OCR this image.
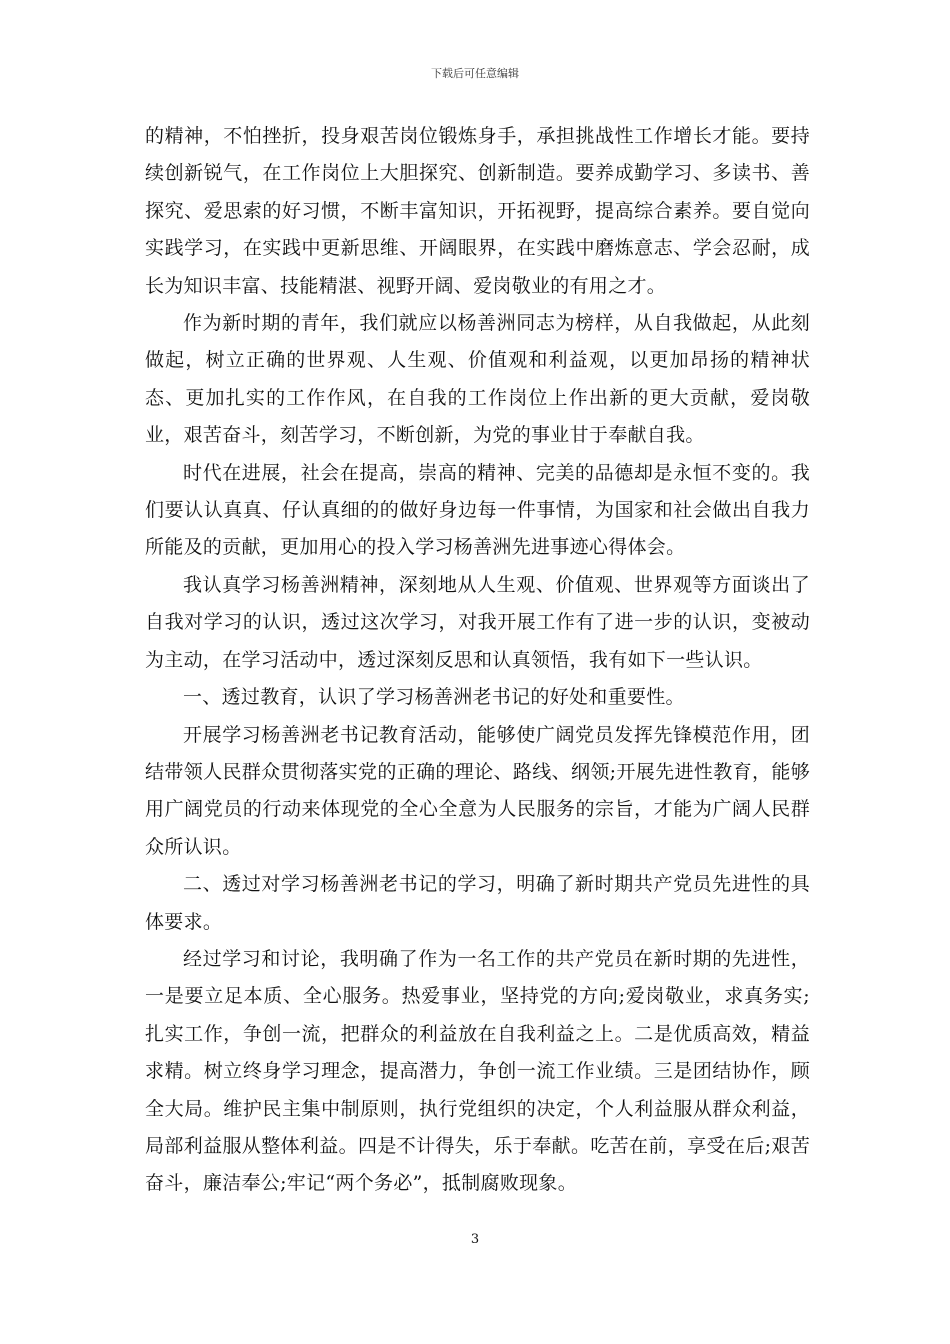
下载后可任意编辑

的精神，不怕挫折，投身艰苦岗位锻炼身手，承担挑战性工作增长才能。要持续创新锐气，在工作岗位上大胆探究、创新制造。要养成勤学习、多读书、善探究、爱思索的好习惯，不断丰富知识，开拓视野，提高综合素养。要自觉向实践学习，在实践中更新思维、开阔眼界，在实践中磨炼意志、学会忍耐，成长为知识丰富、技能精湛、视野开阔、爱岗敬业的有用之才。

作为新时期的青年，我们就应以杨善洲同志为榜样，从自我做起，从此刻做起，树立正确的世界观、人生观、价值观和利益观，以更加昂扬的精神状态、更加扎实的工作作风，在自我的工作岗位上作出新的更大贡献，爱岗敬业，艰苦奋斗，刻苦学习，不断创新，为党的事业甘于奉献自我。

时代在进展，社会在提高，崇高的精神、完美的品德却是永恒不变的。我们要认认真真、仔认真细的的做好身边每一件事情，为国家和社会做出自我力所能及的贡献，更加用心的投入学习杨善洲先进事迹心得体会。

我认真学习杨善洲精神，深刻地从人生观、价值观、世界观等方面谈出了自我对学习的认识，透过这次学习，对我开展工作有了进一步的认识，变被动为主动，在学习活动中，透过深刻反思和认真领悟，我有如下一些认识。

一、透过教育，认识了学习杨善洲老书记的好处和重要性。

开展学习杨善洲老书记教育活动，能够使广阔党员发挥先锋模范作用，团结带领人民群众贯彻落实党的正确的理论、路线、纲领;开展先进性教育，能够用广阔党员的行动来体现党的全心全意为人民服务的宗旨，才能为广阔人民群众所认识。

二、透过对学习杨善洲老书记的学习，明确了新时期共产党员先进性的具体要求。

经过学习和讨论，我明确了作为一名工作的共产党员在新时期的先进性，一是要立足本质、全心服务。热爱事业，坚持党的方向;爱岗敬业，求真务实;扎实工作，争创一流，把群众的利益放在自我利益之上。二是优质高效，精益求精。树立终身学习理念，提高潜力，争创一流工作业绩。三是团结协作，顾全大局。维护民主集中制原则，执行党组织的决定，个人利益服从群众利益，局部利益服从整体利益。四是不计得失，乐于奉献。吃苦在前，享受在后;艰苦奋斗，廉洁奉公;牢记“两个务必”，抵制腐败现象。

3
